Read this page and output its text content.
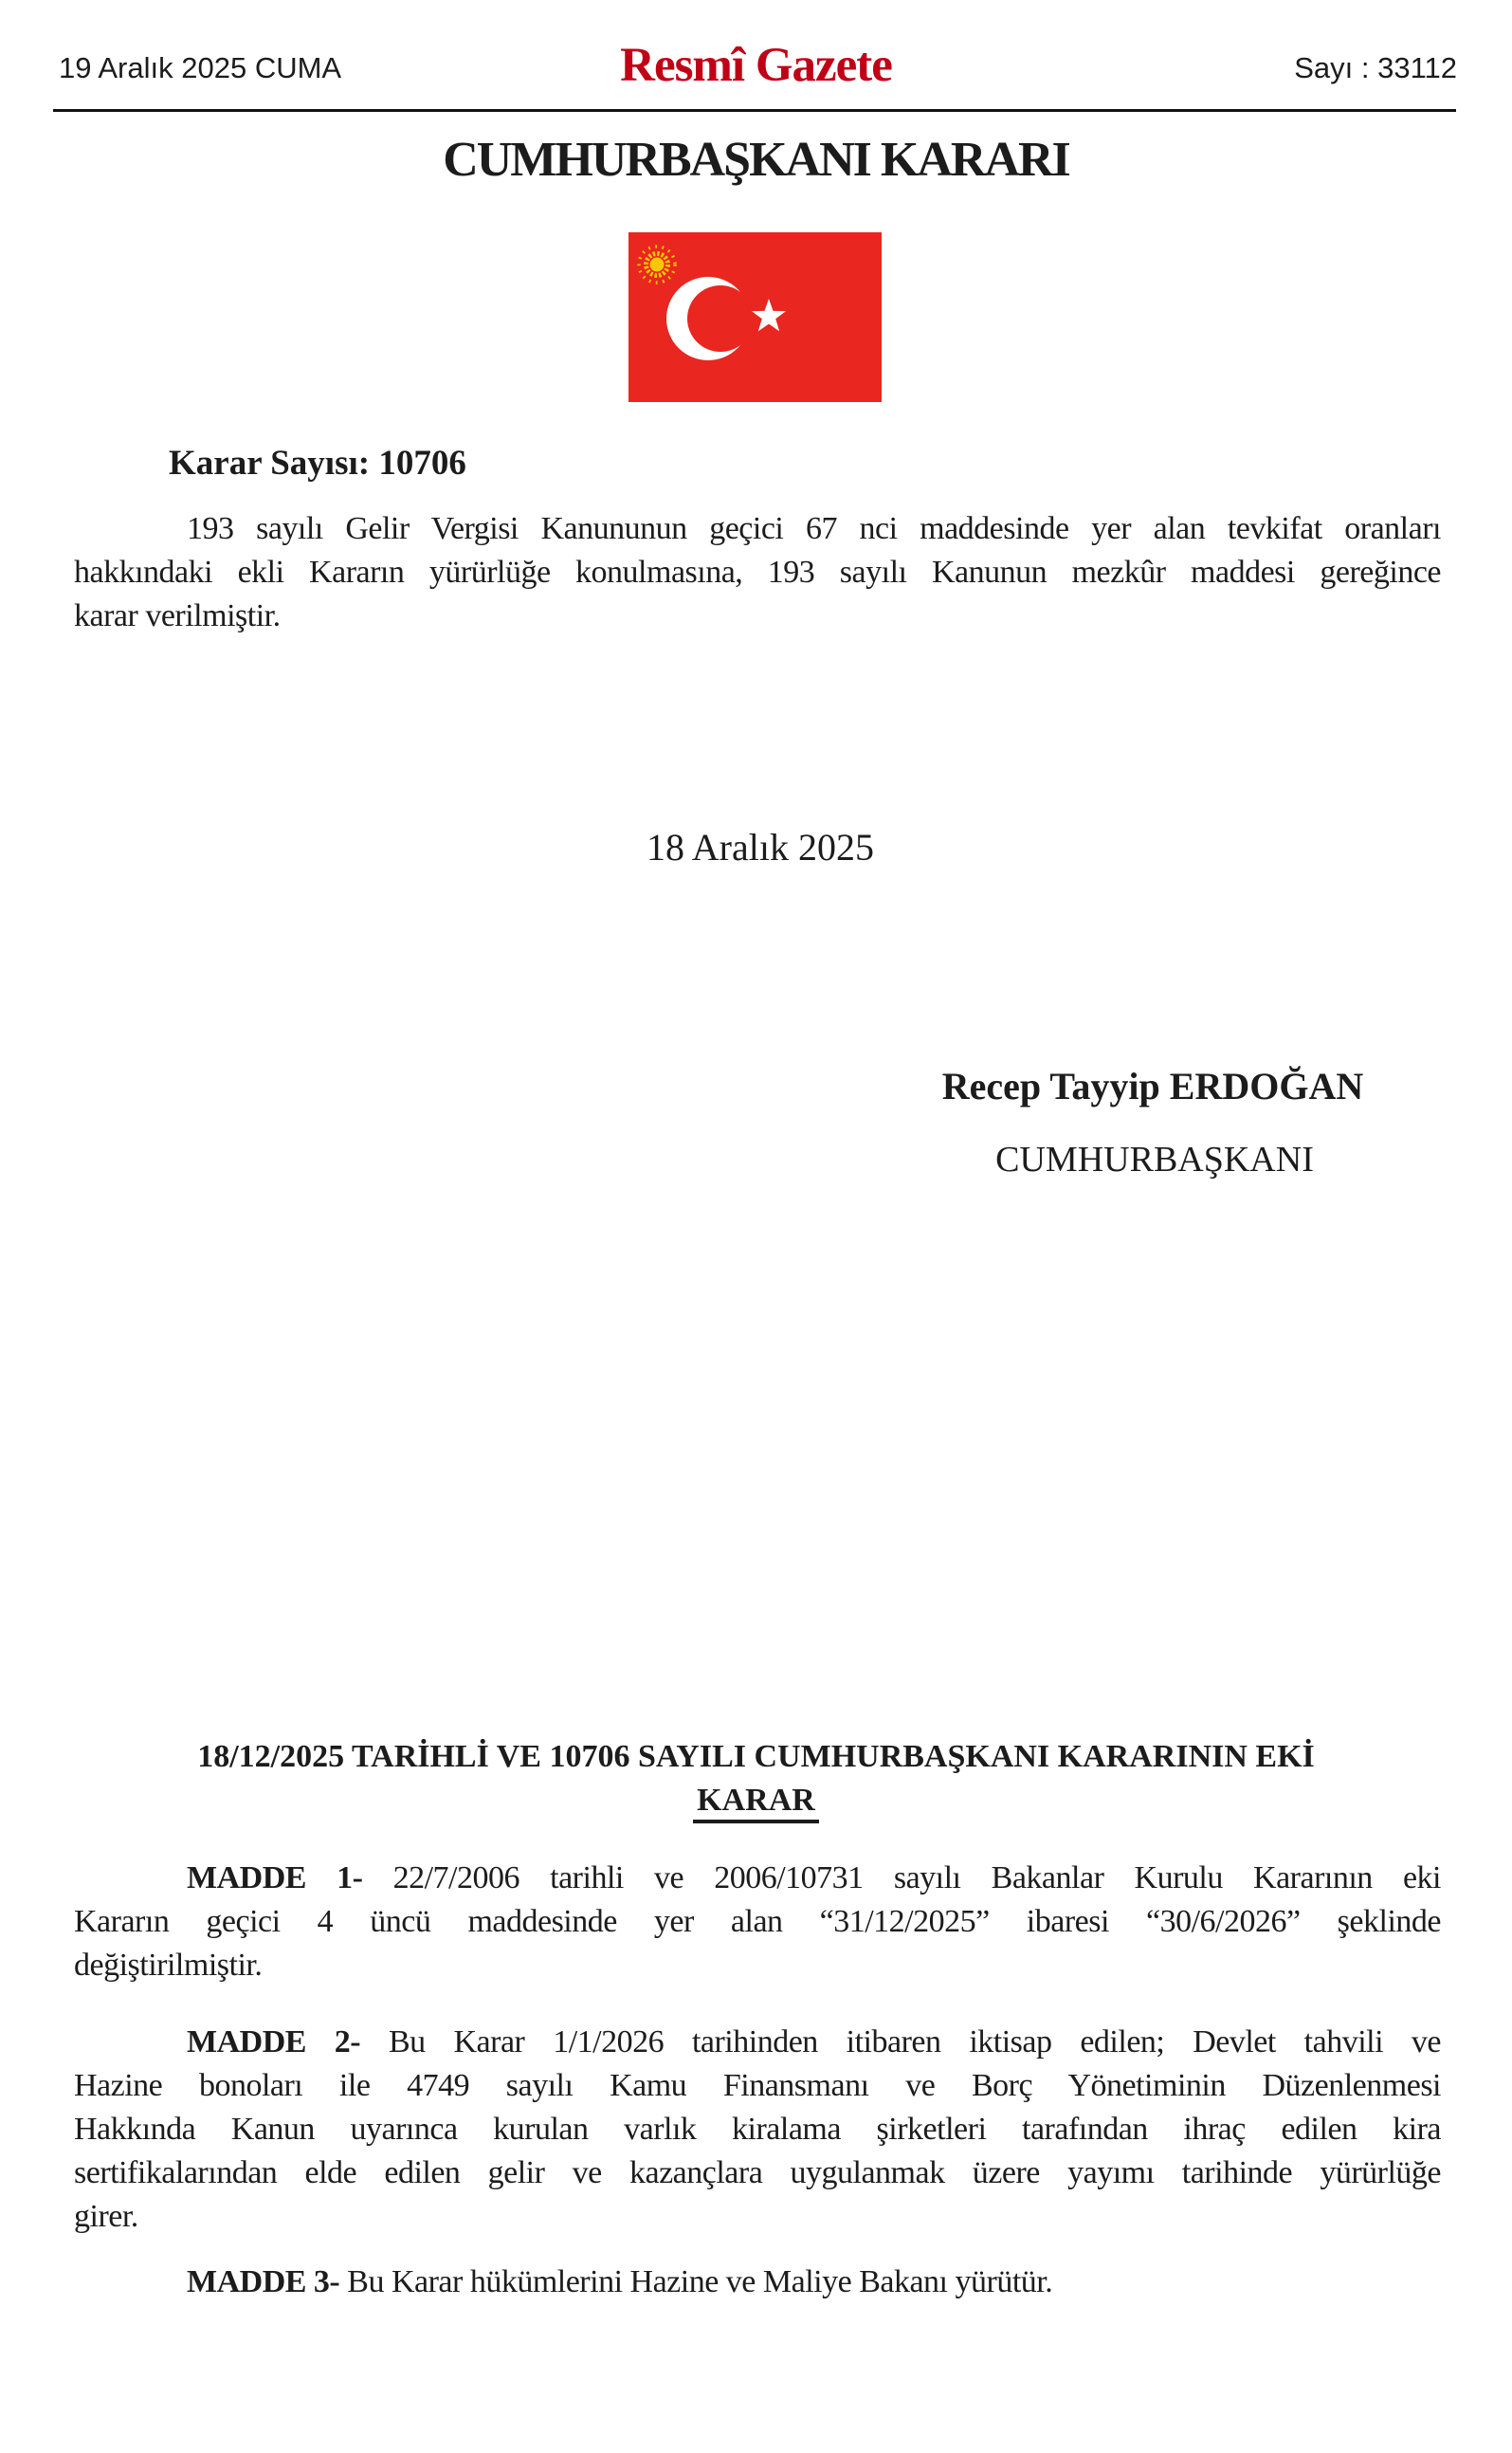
19 Aralık 2025 CUMA	Resmî Gazete	Sayı : 33112
CUMHURBAŞKANI KARARI
Karar Sayısı: 10706
193 sayılı Gelir Vergisi Kanununun geçici 67 nci maddesinde yer alan tevkifat oranları
hakkındaki ekli Kararın yürürlüğe konulmasına, 193 sayılı Kanunun mezkûr maddesi gereğince
karar verilmiştir.
18 Aralık 2025
Recep Tayyip ERDOĞAN
CUMHURBAŞKANI
18/12/2025 TARİHLİ VE 10706 SAYILI CUMHURBAŞKANI KARARININ EKİ
KARAR
MADDE 1- 22/7/2006 tarihli ve 2006/10731 sayılı Bakanlar Kurulu Kararının eki
Kararın geçici 4 üncü maddesinde yer alan “31/12/2025” ibaresi “30/6/2026” şeklinde
değiştirilmiştir.
MADDE 2- Bu Karar 1/1/2026 tarihinden itibaren iktisap edilen; Devlet tahvili ve
Hazine bonoları ile 4749 sayılı Kamu Finansmanı ve Borç Yönetiminin Düzenlenmesi
Hakkında Kanun uyarınca kurulan varlık kiralama şirketleri tarafından ihraç edilen kira
sertifikalarından elde edilen gelir ve kazançlara uygulanmak üzere yayımı tarihinde yürürlüğe
girer.
MADDE 3- Bu Karar hükümlerini Hazine ve Maliye Bakanı yürütür.
